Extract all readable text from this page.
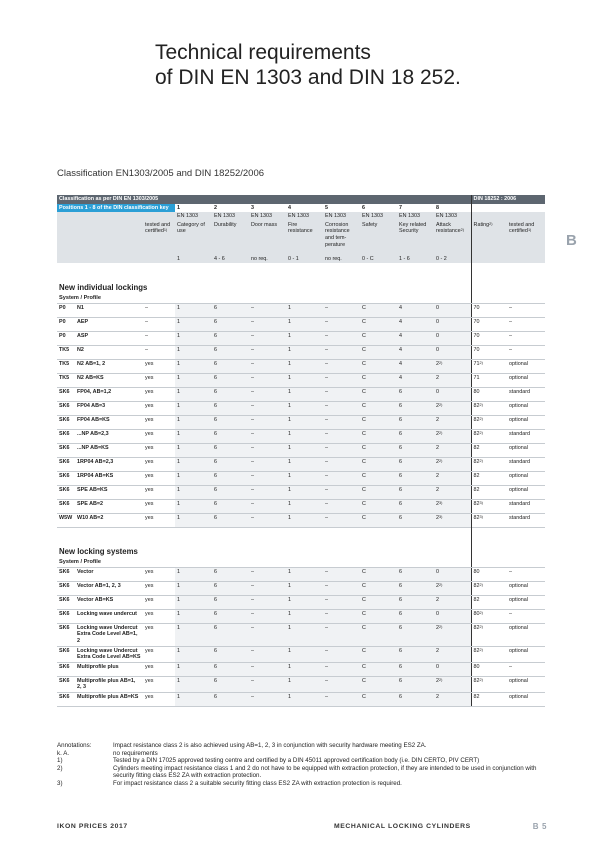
Technical requirements
of DIN EN 1303 and DIN 18 252.
Classification EN1303/2005 and DIN 18252/2006
B
Classification as per DIN EN 1303/2005											DIN 18252 : 2006	
Positions 1 - 8 of the DIN classification key			1	2	3	4	5	6	7	8		
			EN 1303	EN 1303	EN 1303	EN 1303	EN 1303	EN 1303	EN 1303	EN 1303		
		tested and certified$^{1)}$	Category of use	Durability	Door mass	Fire resistance	Corrosion resistance and tem-perature	Safety	Key related Security	Attack resistance$^{2)}$	Rating$^{2)}$	tested and certified$^{1)}$
			1	4 - 6	no req.	0 - 1	no req.	0 - C	1 - 6	0 - 2		
New individual lockings												
System / Profile												
P0	N1	–	1	6	–	1	–	C	4	0	70	–
P0	AEP	–	1	6	–	1	–	C	4	0	70	–
P0	ASP	–	1	6	–	1	–	C	4	0	70	–
TK5	N2	–	1	6	–	1	–	C	4	0	70	–
TK5	N2 AB=1, 2	yes	1	6	–	1	–	C	4	2$^{2)}$	71$^{2)}$	optional
TK5	N2 AB=KS	yes	1	6	–	1	–	C	4	2	71	optional
SK6	FP04, AB=1,2	yes	1	6	–	1	–	C	6	0	80	standard
SK6	FP04 AB=3	yes	1	6	–	1	–	C	6	2$^{2)}$	82$^{2)}$	optional
SK6	FP04 AB=KS	yes	1	6	–	1	–	C	6	2	82$^{2)}$	optional
SK6	...NP AB=2,3	yes	1	6	–	1	–	C	6	2$^{2)}$	82$^{2)}$	standard
SK6	...NP AB=KS	yes	1	6	–	1	–	C	6	2	82	optional
SK6	1RP04 AB=2,3	yes	1	6	–	1	–	C	6	2$^{2)}$	82$^{2)}$	standard
SK6	1RP04 AB=KS	yes	1	6	–	1	–	C	6	2	82	optional
SK6	SPE AB=KS	yes	1	6	–	1	–	C	6	2	82	optional
SK6	SPE AB=2	yes	1	6	–	1	–	C	6	2$^{3)}$	82$^{3)}$	standard
W5W	W10 AB=2	yes	1	6	–	1	–	C	6	2$^{3)}$	82$^{3)}$	standard

New locking systems												
System / Profile												
SK6	Vector	yes	1	6	–	1	–	C	6	0	80	–
SK6	Vector AB=1, 2, 3	yes	1	6	–	1	–	C	6	2$^{2)}$	82$^{2)}$	optional
SK6	Vector AB=KS	yes	1	6	–	1	–	C	6	2	82	optional
SK6	Locking wave undercut	yes	1	6	–	1	–	C	6	0	80$^{2)}$	–
SK6	Locking wave Undercut Extra Code Level AB=1, 2	yes	1	6	–	1	–	C	6	2$^{2)}$	82$^{2)}$	optional
SK6	Locking wave Undercut Extra Code Level AB=KS	yes	1	6	–	1	–	C	6	2	82$^{2)}$	optional
SK6	Multiprofile plus	yes	1	6	–	1	–	C	6	0	80	–
SK6	Multiprofile plus AB=1, 2, 3	yes	1	6	–	1	–	C	6	2$^{2)}$	82$^{2)}$	optional
SK6	Multiprofile plus AB=KS	yes	1	6	–	1	–	C	6	2	82	optional

Annotations:	Impact resistance class 2 is also achieved using AB=1, 2, 3 in conjunction with security hardware meeting ES2 ZA.
k. A.	no requirements
1)	Tested by a DIN 17025 approved testing centre and certified by a DIN 45011 approved certification body (i.e. DIN CERTO, PIV CERT)
2)	Cylinders meeting impact resistance class 1 and 2 do not have to be equipped with extraction protection, if they are intended to be used in conjunction with security fitting class ES2 ZA with extraction protection.
3)	For impact resistance class 2 a suitable security fitting class ES2 ZA with extraction protection is required.
IKON PRICES 2017	MECHANICAL LOCKING CYLINDERS	B 5
